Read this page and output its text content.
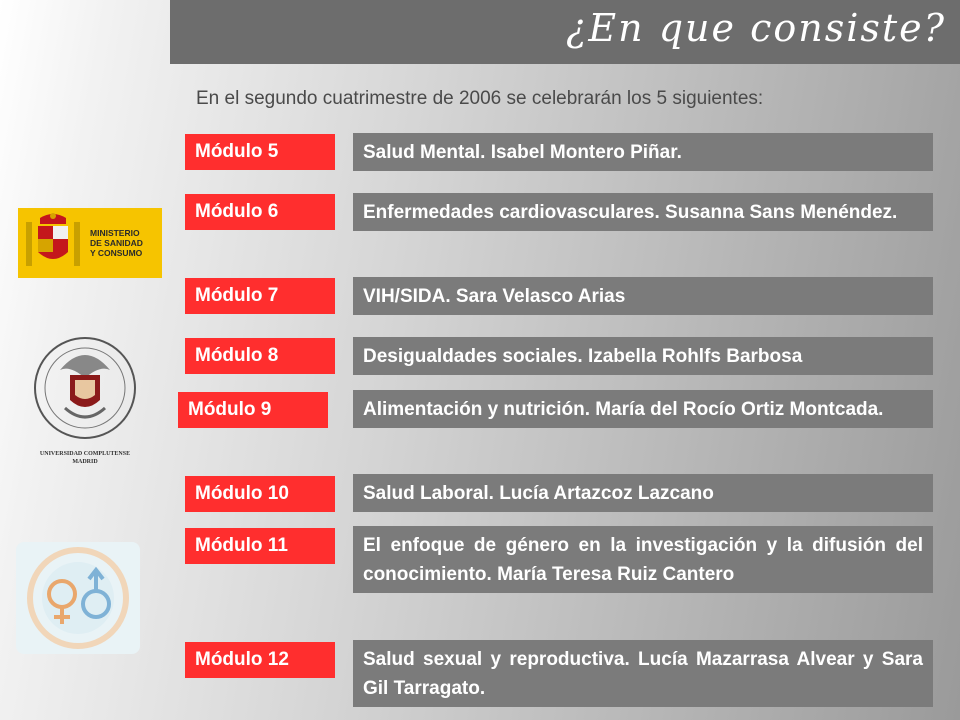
¿En que consiste?
En el segundo cuatrimestre de 2006 se celebrarán los 5 siguientes:
MINISTERIO
DE SANIDAD
Y CONSUMO
UNIVERSIDAD COMPLUTENSE
MADRID
Módulo 5	Salud Mental. Isabel Montero Piñar.
Módulo 6	Enfermedades cardiovasculares. Susanna Sans Menéndez.
Módulo 7	VIH/SIDA. Sara Velasco Arias
Módulo 8	Desigualdades sociales. Izabella Rohlfs Barbosa
Módulo 9	Alimentación y nutrición. María del Rocío Ortiz Montcada.
Módulo 10	Salud Laboral. Lucía Artazcoz Lazcano
Módulo 11	El enfoque de género en la investigación y la difusión del conocimiento. María Teresa Ruiz Cantero
Módulo 12	Salud sexual y reproductiva. Lucía Mazarrasa Alvear y Sara Gil Tarragato.
